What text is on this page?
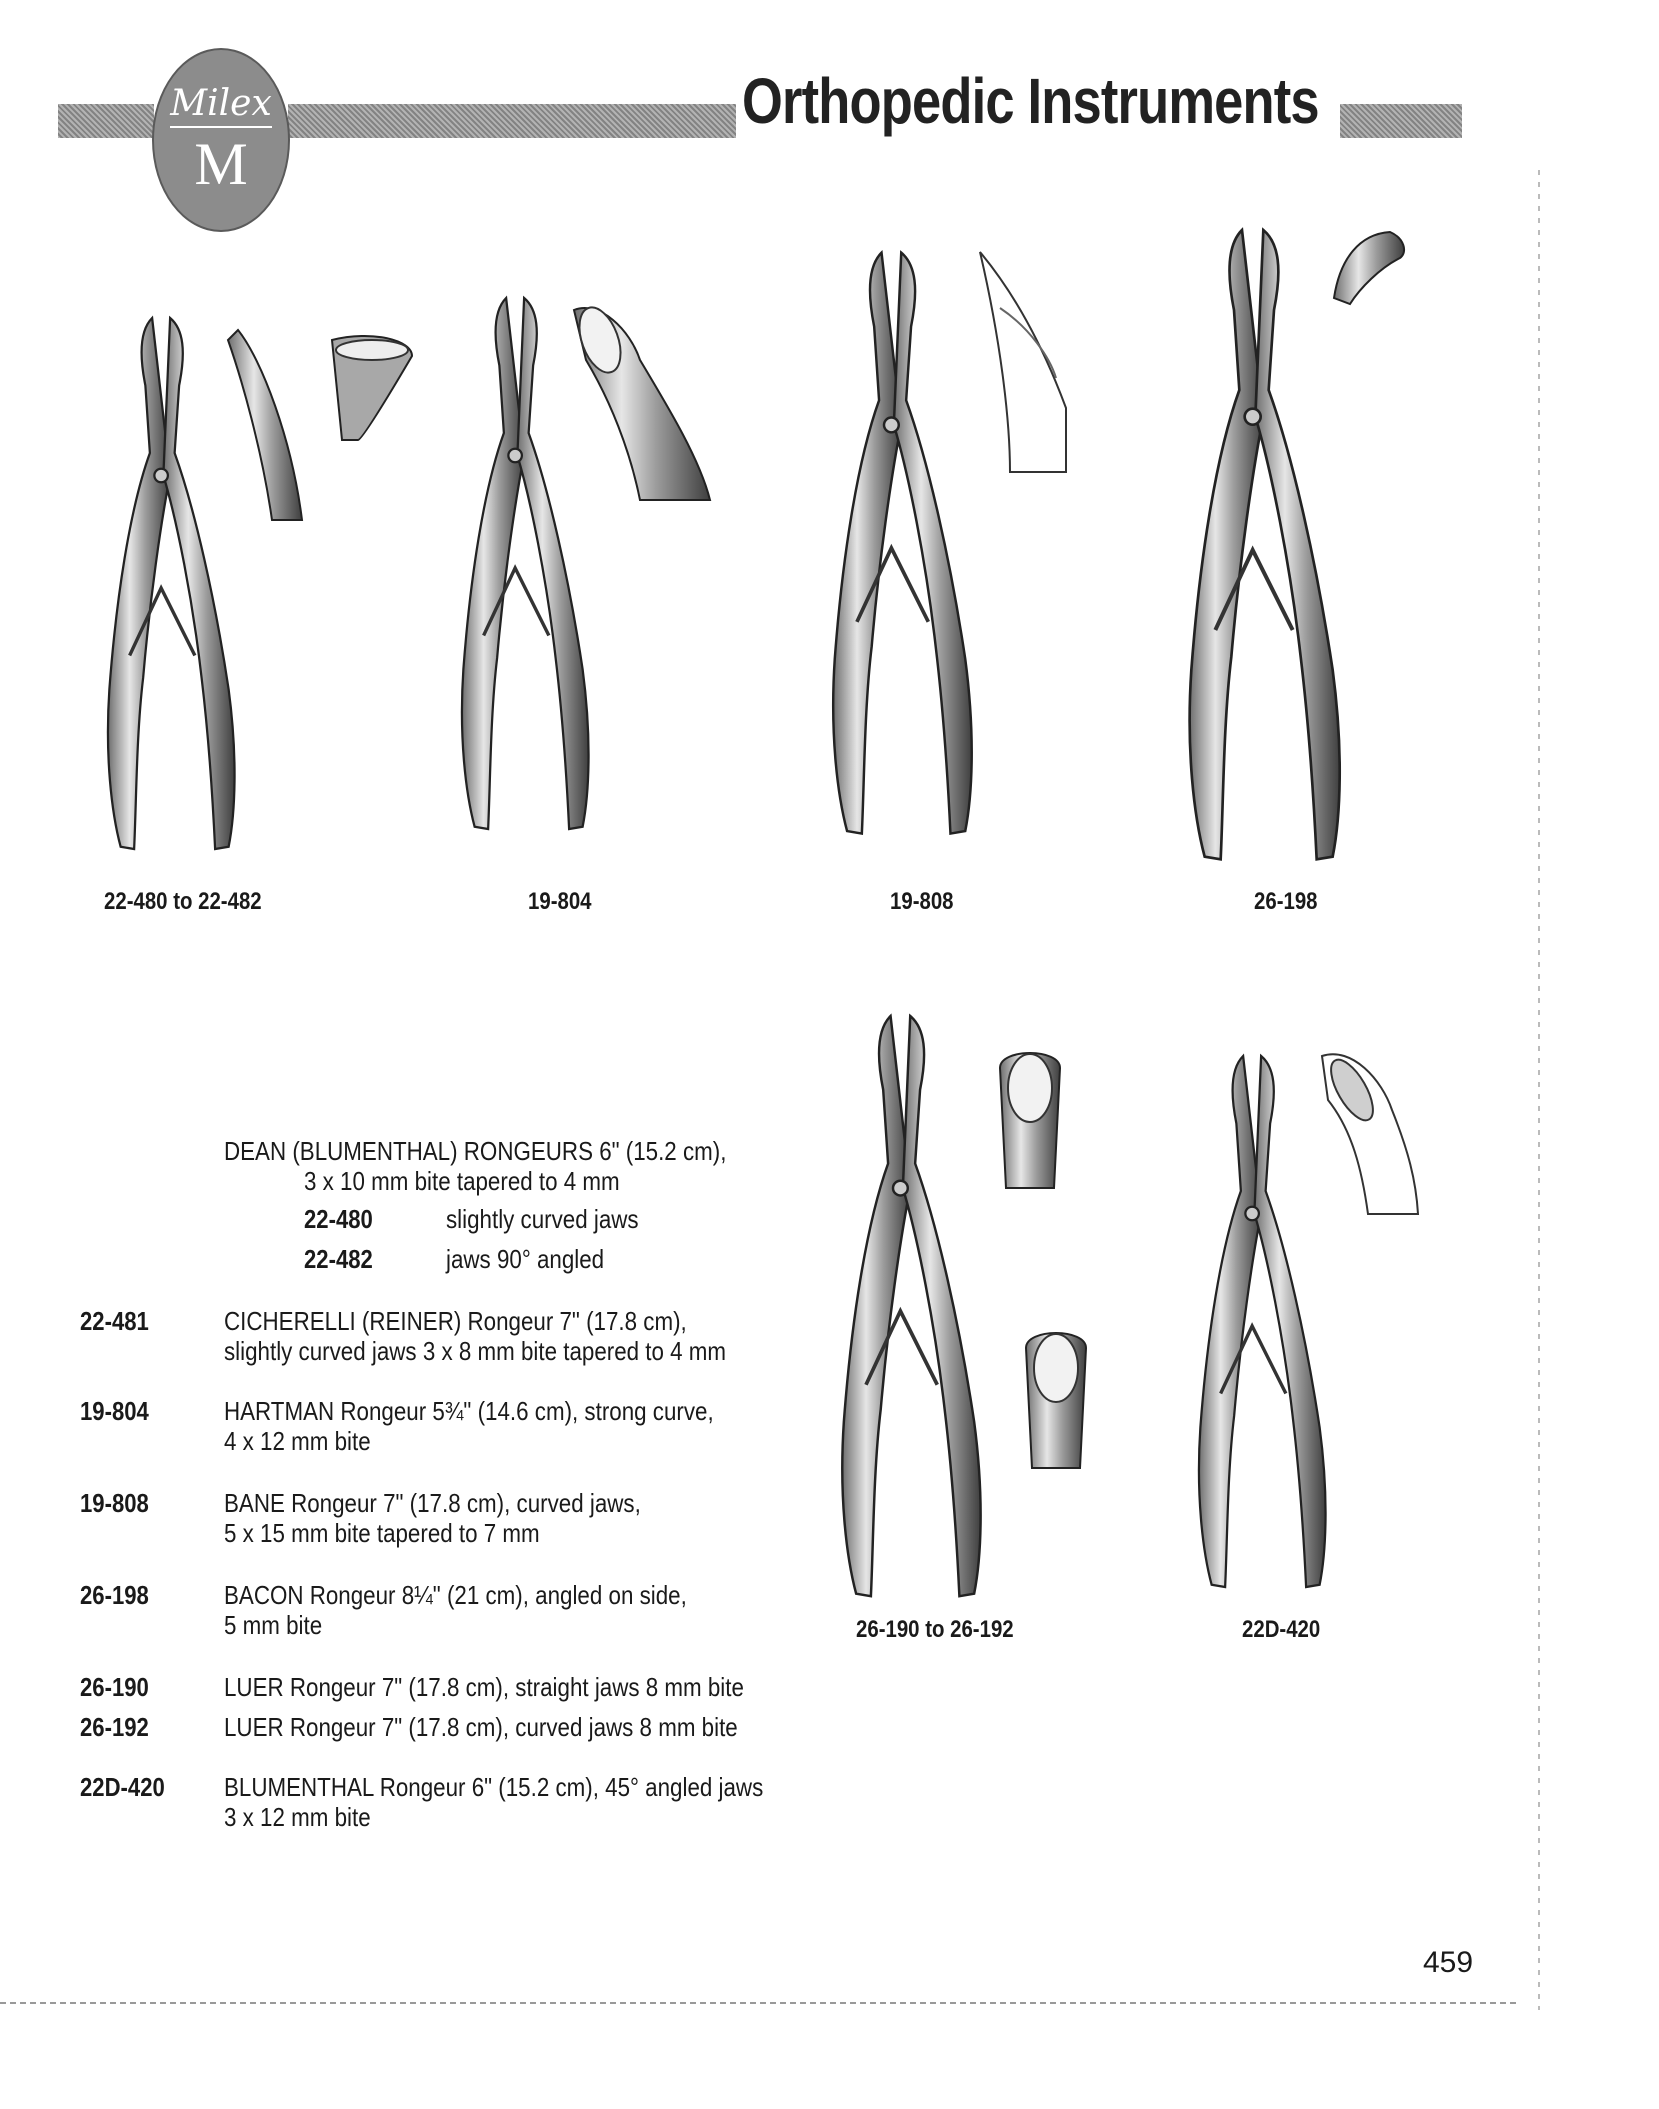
Milex
M
Orthopedic Instruments
22-480 to 22-482	19-804	19-808	26-198
26-190 to 26-192	22D-420
DEAN (BLUMENTHAL) RONGEURS 6" (15.2 cm),
3 x 10 mm bite tapered to 4 mm
22-480	slightly curved jaws
22-482	jaws 90° angled
22-481	CICHERELLI (REINER) Rongeur 7" (17.8 cm),
slightly curved jaws 3 x 8 mm bite tapered to 4 mm
19-804	HARTMAN Rongeur 5¾" (14.6 cm), strong curve,
4 x 12 mm bite
19-808	BANE Rongeur 7" (17.8 cm), curved jaws,
5 x 15 mm bite tapered to 7 mm
26-198	BACON Rongeur 8¼" (21 cm), angled on side,
5 mm bite
26-190	LUER Rongeur 7" (17.8 cm), straight jaws 8 mm bite
26-192	LUER Rongeur 7" (17.8 cm), curved jaws 8 mm bite
22D-420 BLUMENTHAL Rongeur 6" (15.2 cm), 45° angled jaws
3 x 12 mm bite
459
